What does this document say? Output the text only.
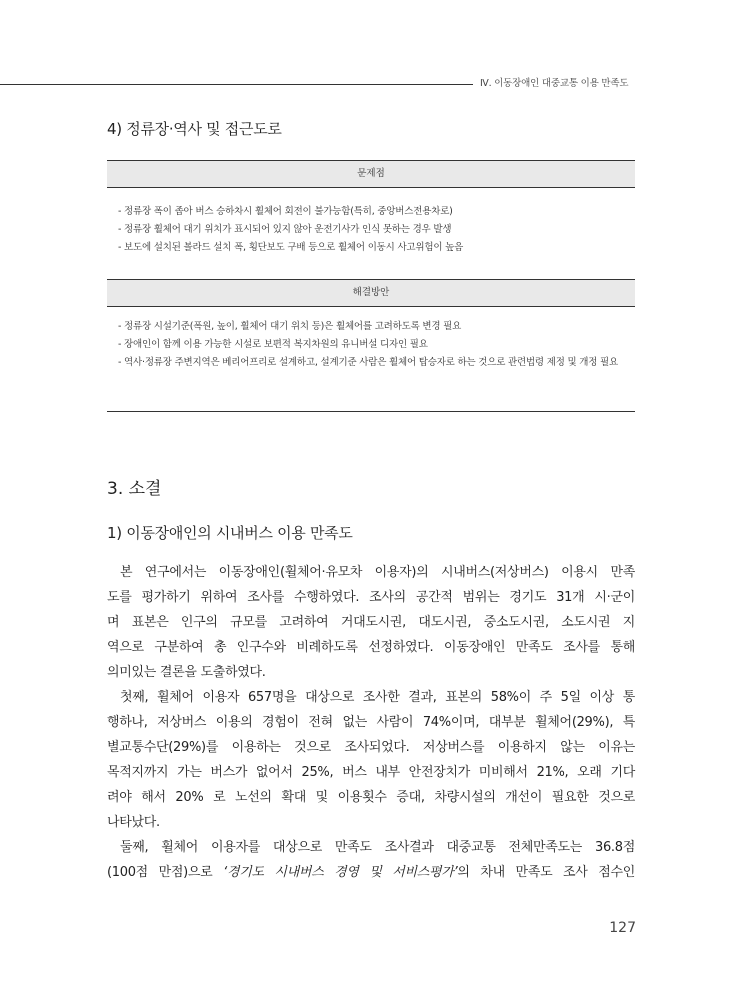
Ⅳ. 이동장애인 대중교통 이용 만족도
4) 정류장·역사 및 접근도로
문제점
- 정류장 폭이 좁아 버스 승하차시 휠체어 회전이 불가능함(특히, 중앙버스전용차로)
- 정류장 휠체어 대기 위치가 표시되어 있지 않아 운전기사가 인식 못하는 경우 발생
- 보도에 설치된 볼라드 설치 폭, 횡단보도 구배 등으로 휠체어 이동시 사고위험이 높음
해결방안
- 정류장 시설기준(폭원, 높이, 휠체어 대기 위치 등)은 휠체어를 고려하도록 변경 필요
- 장애인이 함께 이용 가능한 시설로 보편적 복지차원의 유니버설 디자인 필요
- 역사·정류장 주변지역은 베리어프리로 설계하고, 설계기준 사람은 휠체어 탑승자로 하는 것으로 관련법령 제정 및 개정 필요
3. 소결
1) 이동장애인의 시내버스 이용 만족도
본 연구에서는 이동장애인(휠체어·유모차 이용자)의 시내버스(저상버스) 이용시 만족
도를 평가하기 위하여 조사를 수행하였다. 조사의 공간적 범위는 경기도 31개 시·군이
며 표본은 인구의 규모를 고려하여 거대도시권, 대도시권, 중소도시권, 소도시권 지
역으로 구분하여 총 인구수와 비례하도록 선정하였다. 이동장애인 만족도 조사를 통해
의미있는 결론을 도출하였다.
첫째, 휠체어 이용자 657명을 대상으로 조사한 결과, 표본의 58%이 주 5일 이상 통
행하나, 저상버스 이용의 경험이 전혀 없는 사람이 74%이며, 대부분 휠체어(29%), 특
별교통수단(29%)를 이용하는 것으로 조사되었다. 저상버스를 이용하지 않는 이유는
목적지까지 가는 버스가 없어서 25%, 버스 내부 안전장치가 미비해서 21%, 오래 기다
려야 해서 20% 로 노선의 확대 및 이용횟수 증대, 차량시설의 개선이 필요한 것으로
나타났다.
둘째, 휠체어 이용자를 대상으로 만족도 조사결과 대중교통 전체만족도는 36.8점
(100점 만점)으로 ‘경기도 시내버스 경영 및 서비스평가’의 차내 만족도 조사 점수인
127
